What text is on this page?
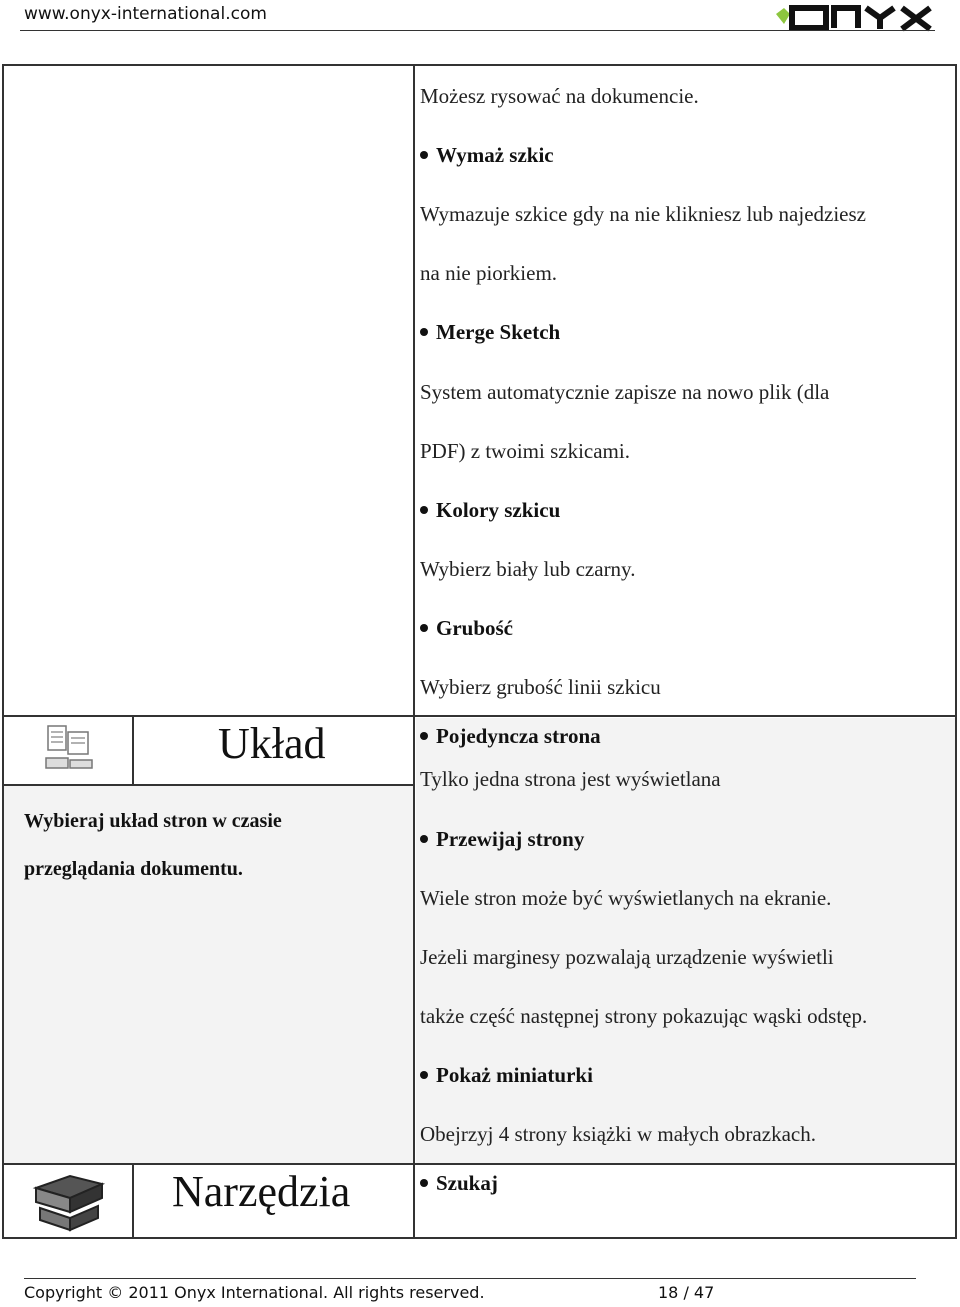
www.onyx-international.com
Możesz rysować na dokumencie.
Wymaż szkic
Wymazuje szkice gdy na nie klikniesz lub najedziesz
na nie piorkiem.
Merge Sketch
System automatycznie zapisze na nowo plik (dla
PDF) z twoimi szkicami.
Kolory szkicu
Wybierz biały lub czarny.
Grubość
Wybierz grubość linii szkicu
Układ
Wybieraj układ stron w czasie
przeglądania dokumentu.
Pojedyncza strona
Tylko jedna strona jest wyświetlana
Przewijaj strony
Wiele stron może być wyświetlanych na ekranie.
Jeżeli marginesy pozwalają urządzenie wyświetli
także część następnej strony pokazując wąski odstęp.
Pokaż miniaturki
Obejrzyj 4 strony książki w małych obrazkach.
Narzędzia	Szukaj
Copyright © 2011 Onyx International. All rights reserved.	18 / 47
